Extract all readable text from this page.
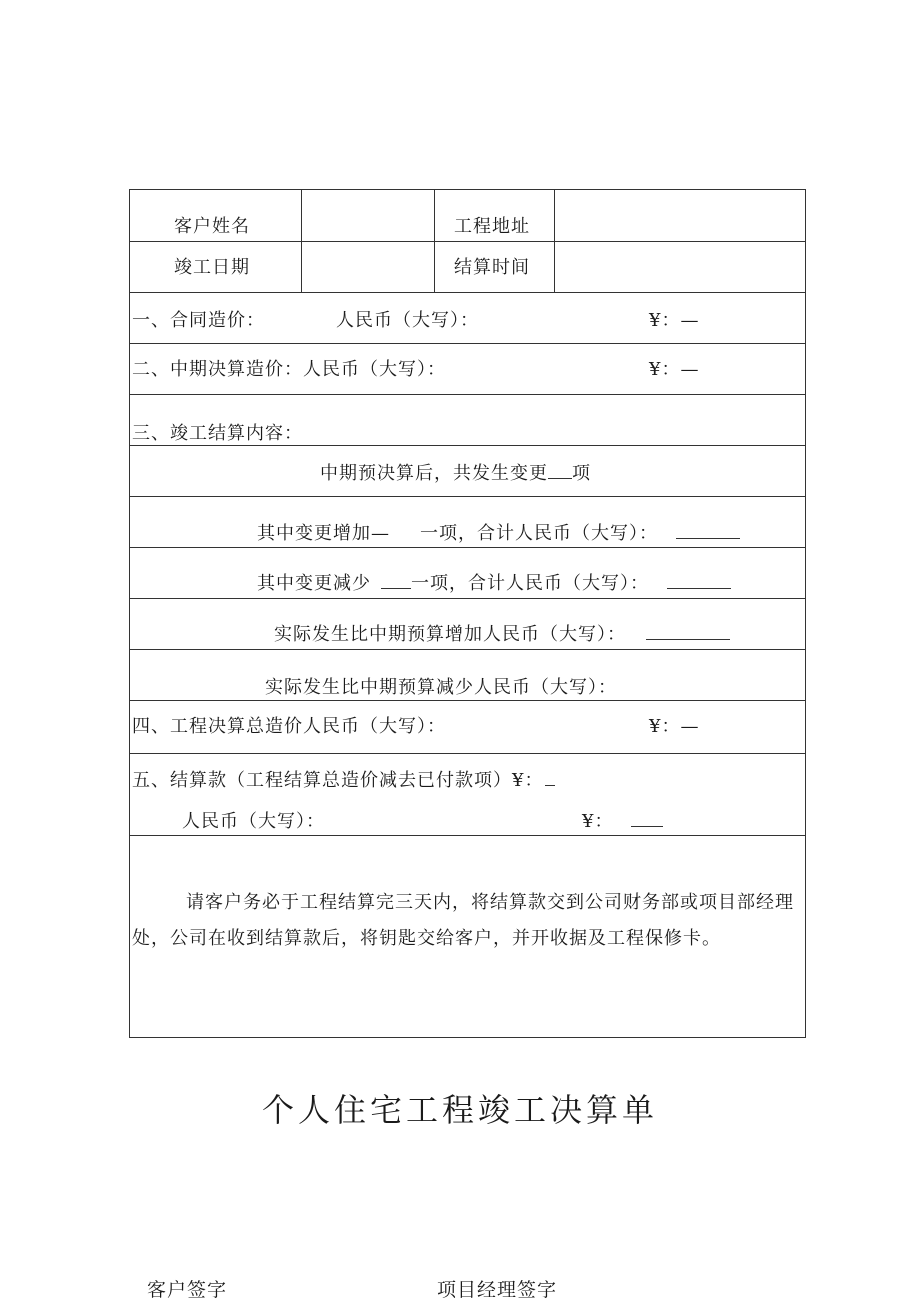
客户姓名	工程地址
竣工日期	结算时间
一、合同造价：	人民币（大写）：	¥：—
二、中期决算造价：人民币（大写）：	¥：—
三、竣工结算内容：
中期预决算后，共发生变更 项
其中变更增加— 一项，合计人民币（大写）：
其中变更减少 一项，合计人民币（大写）：
实际发生比中期预算增加人民币（大写）：
实际发生比中期预算减少人民币（大写）：
四、工程决算总造价人民币（大写）：	¥：—
五、结算款（工程结算总造价减去已付款项）¥：
人民币（大写）：	¥：
请客户务必于工程结算完三天内，将结算款交到公司财务部或项目部经理处，公司在收到结算款后，将钥匙交给客户，并开收据及工程保修卡。
个人住宅工程竣工决算单
客户签字	项目经理签字
